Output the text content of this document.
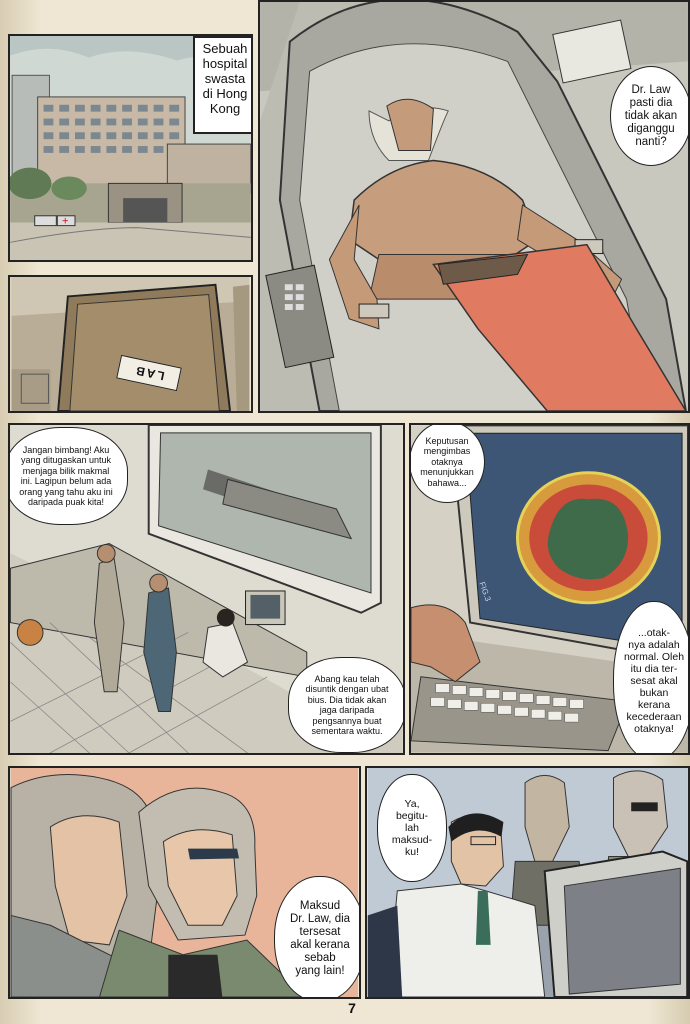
+
Sebuah
hospital
swasta
di Hong
Kong
LAB
Dr. Law
pasti dia
tidak akan
diganggu
nanti?
Jangan bimbang! Aku
yang ditugaskan untuk
menjaga bilik makmal
ini. Lagipun belum ada
orang yang tahu aku ini
daripada puak kita!
Abang kau telah
disuntik dengan ubat
bius. Dia tidak akan
jaga daripada
pengsannya buat
sementara waktu.
FIG.3
Keputusan
mengimbas
otaknya
menunjukkan
bahawa...
...otak-
nya adalah
normal. Oleh
itu dia ter-
sesat akal
bukan
kerana
kecederaan
otaknya!
Maksud
Dr. Law, dia
tersesat
akal kerana
sebab
yang lain!
Ya,
begitu-
lah
maksud-
ku!
7
